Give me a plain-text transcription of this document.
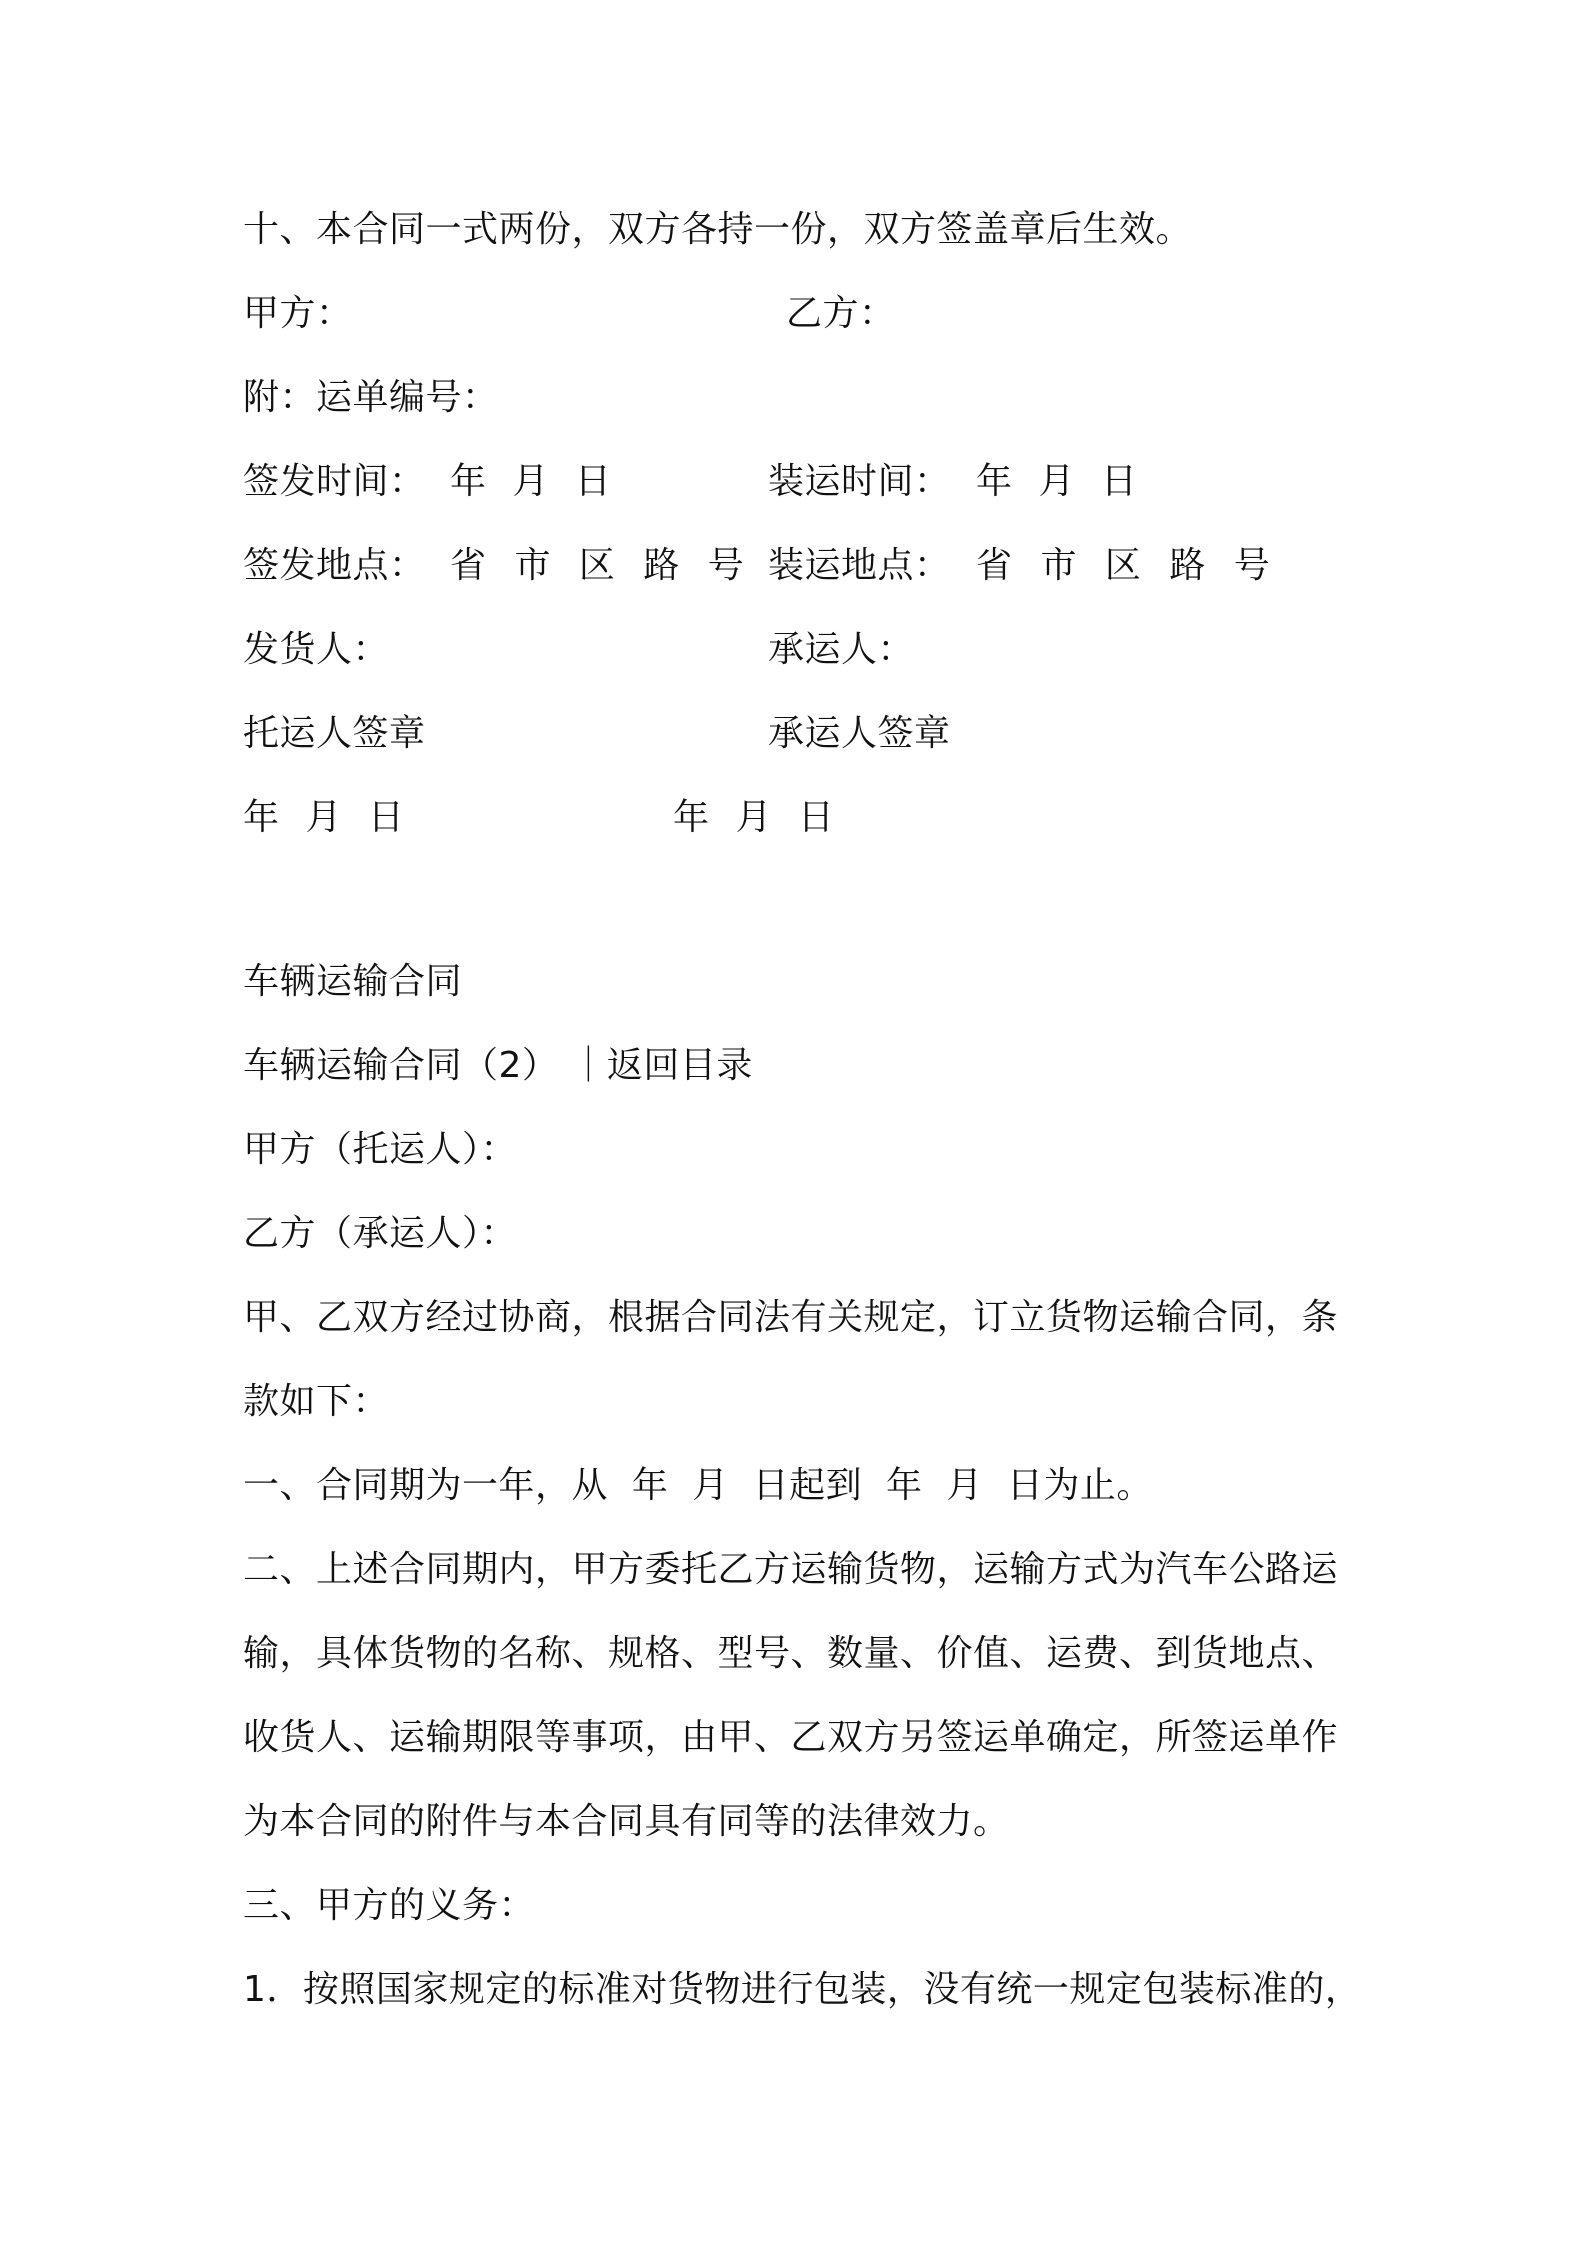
十、本合同一式两份，双方各持一份，双方签盖章后生效。
甲方：	乙方：
附：运单编号：
签发时间： 年 月 日	装运时间： 年 月 日
签发地点： 省 市 区 路 号 装运地点： 省 市 区 路 号
发货人：	承运人：
托运人签章	承运人签章
年 月 日	年 月 日
车辆运输合同
车辆运输合同（2） ｜返回目录
甲方（托运人）：
乙方（承运人）：
甲、乙双方经过协商，根据合同法有关规定，订立货物运输合同，条
款如下：
一、合同期为一年，从  年  月  日起到  年  月  日为止。
二、上述合同期内，甲方委托乙方运输货物，运输方式为汽车公路运
输，具体货物的名称、规格、型号、数量、价值、运费、到货地点、
收货人、运输期限等事项，由甲、乙双方另签运单确定，所签运单作
为本合同的附件与本合同具有同等的法律效力。
三、甲方的义务：
1．按照国家规定的标准对货物进行包装，没有统一规定包装标准的，
